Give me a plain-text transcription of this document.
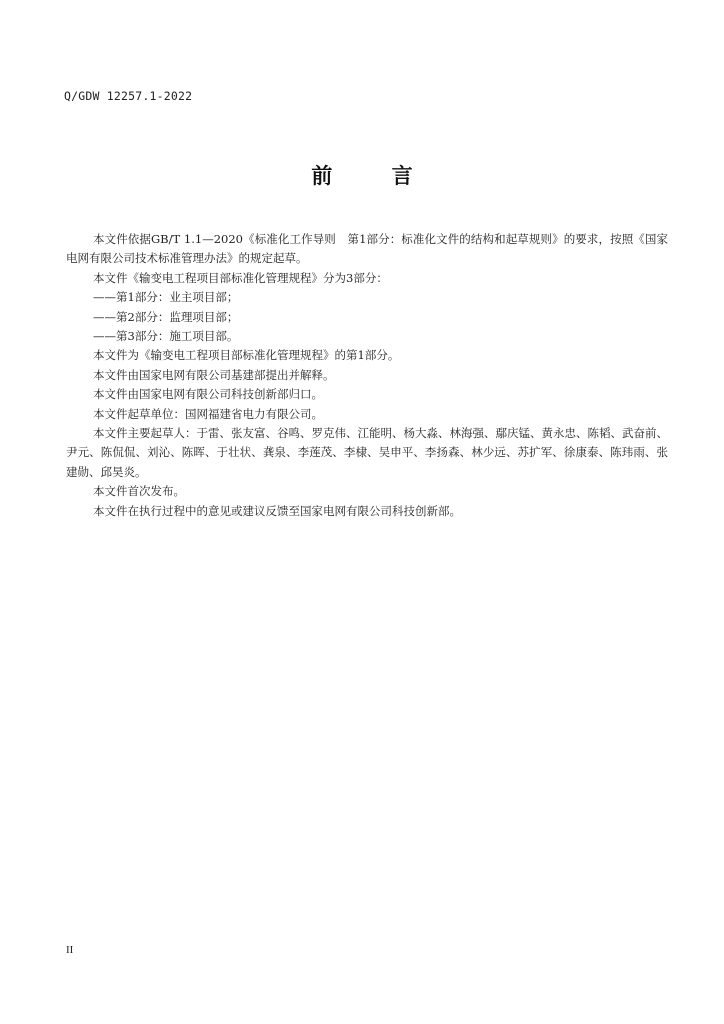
Q/GDW 12257.1-2022
前 言

本文件依据GB/T 1.1—2020《标准化工作导则　第1部分：标准化文件的结构和起草规则》的要求，按照《国家电网有限公司技术标准管理办法》的规定起草。

本文件《输变电工程项目部标准化管理规程》分为3部分：

——第1部分：业主项目部；

——第2部分：监理项目部；

——第3部分：施工项目部。

本文件为《输变电工程项目部标准化管理规程》的第1部分。

本文件由国家电网有限公司基建部提出并解释。

本文件由国家电网有限公司科技创新部归口。

本文件起草单位：国网福建省电力有限公司。

本文件主要起草人：于雷、张友富、谷鸣、罗克伟、江能明、杨大淼、林海强、鄢庆锰、黄永忠、陈韬、武奋前、尹元、陈侃侃、刘沁、陈晖、于壮状、龚泉、李莲茂、李棣、吴申平、李扬森、林少远、苏扩军、徐康泰、陈玮雨、张建勋、邱昊炎。

本文件首次发布。

本文件在执行过程中的意见或建议反馈至国家电网有限公司科技创新部。

II
